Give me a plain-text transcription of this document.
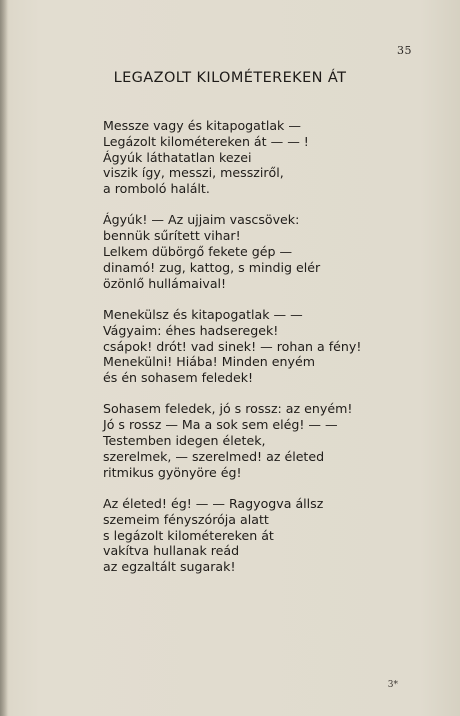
35
LEGAZOLT KILOMÉTEREKEN ÁT
Messze vagy és kitapogatlak —
Legázolt kilométereken át — — !
Ágyúk láthatatlan kezei
viszik így, messzi, messziről,
a romboló halált.
Ágyúk! — Az ujjaim vascsövek:
bennük sűrített vihar!
Lelkem dübörgő fekete gép —
dinamó! zug, kattog, s mindig elér
özönlő hullámaival!
Menekülsz és kitapogatlak — —
Vágyaim: éhes hadseregek!
csápok! drót! vad sinek! — rohan a fény!
Menekülni! Hiába! Minden enyém
és én sohasem feledek!
Sohasem feledek, jó s rossz: az enyém!
Jó s rossz — Ma a sok sem elég! — —
Testemben idegen életek,
szerelmek, — szerelmed! az életed
ritmikus gyönyöre ég!
Az életed! ég! — — Ragyogva állsz
szemeim fényszórója alatt
s legázolt kilométereken át
vakítva hullanak reád
az egzaltált sugarak!
3*
